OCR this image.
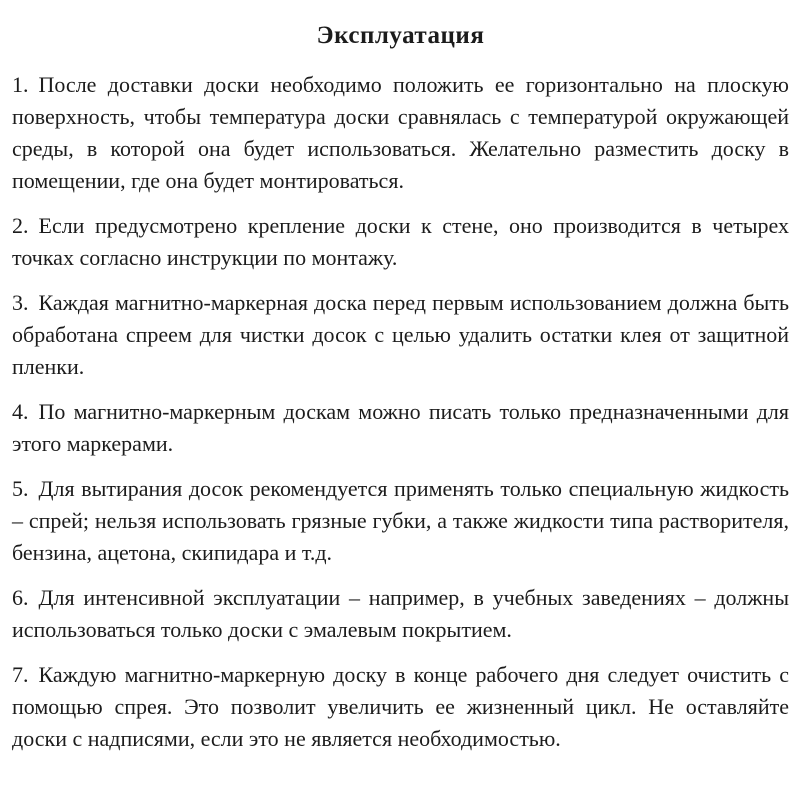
Эксплуатация

1. После доставки доски необходимо положить ее горизонтально на плоскую поверхность, чтобы температура доски сравнялась с температурой окружающей среды, в которой она будет использоваться. Желательно разместить доску в помещении, где она будет монтироваться.

2. Если предусмотрено крепление доски к стене, оно производится в четырех точках согласно инструкции по монтажу.

3. Каждая магнитно-маркерная доска перед первым использованием должна быть обработана спреем для чистки досок с целью удалить остатки клея от защитной пленки.

4. По магнитно-маркерным доскам можно писать только предназначенными для этого маркерами.

5. Для вытирания досок рекомендуется применять только специальную жидкость – спрей; нельзя использовать грязные губки, а также жидкости типа растворителя, бензина, ацетона, скипидара и т.д.

6. Для интенсивной эксплуатации – например, в учебных заведениях – должны использоваться только доски с эмалевым покрытием.

7. Каждую магнитно-маркерную доску в конце рабочего дня следует очистить с помощью спрея. Это позволит увеличить ее жизненный цикл. Не оставляйте доски с надписями, если это не является необходимостью.
